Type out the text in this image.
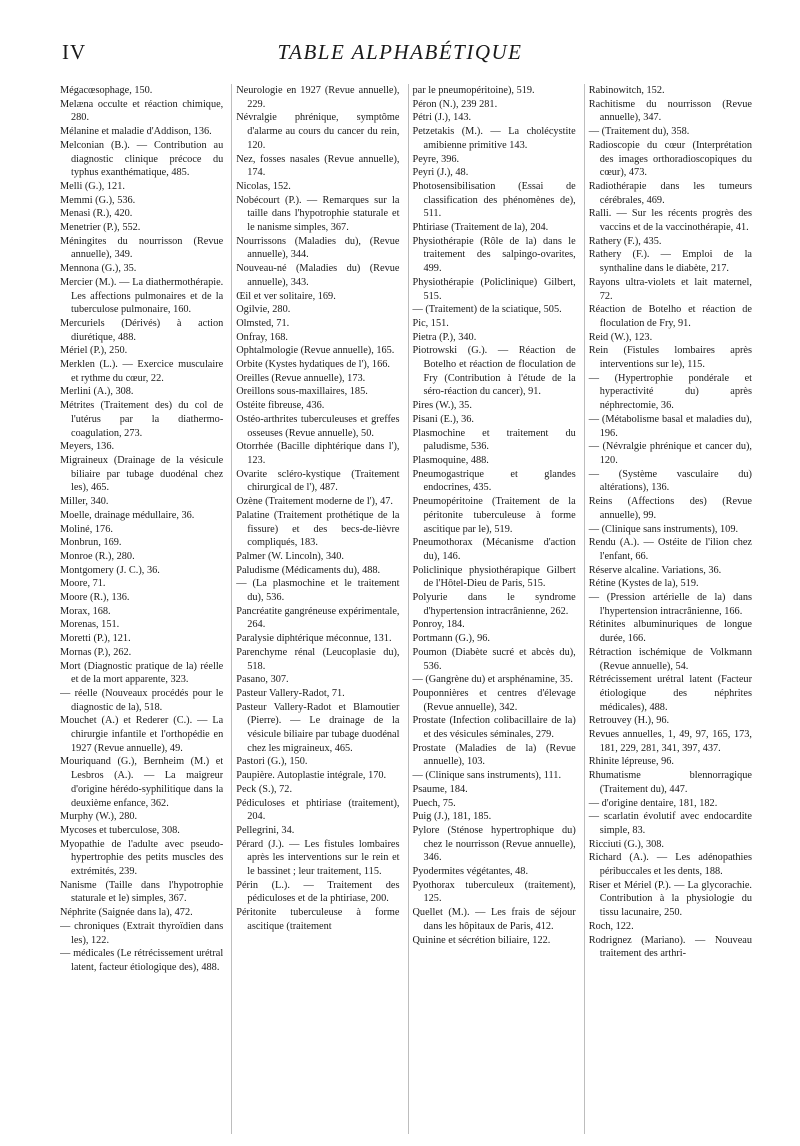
IV	TABLE ALPHABÉTIQUE

Mégacœsophage, 150.

Melæna occulte et réaction chimique, 280.

Mélanine et maladie d'Addison, 136.

Melconian (B.). — Contribution au diagnostic clinique précoce du typhus exanthématique, 485.

Melli (G.), 121.

Memmi (G.), 536.

Menasi (R.), 420.

Menetrier (P.), 552.

Méningites du nourrisson (Revue annuelle), 349.

Mennona (G.), 35.

Mercier (M.). — La diathermothérapie. Les affections pulmonaires et de la tuberculose pulmonaire, 160.

Mercuriels (Dérivés) à action diurétique, 488.

Mériel (P.), 250.

Merklen (L.). — Exercice musculaire et rythme du cœur, 22.

Merlini (A.), 308.

Métrites (Traitement des) du col de l'utérus par la diathermo-coagulation, 273.

Meyers, 136.

Migraineux (Drainage de la vésicule biliaire par tubage duodénal chez les), 465.

Miller, 340.

Moelle, drainage médullaire, 36.

Moliné, 176.

Monbrun, 169.

Monroe (R.), 280.

Montgomery (J. C.), 36.

Moore, 71.

Moore (R.), 136.

Morax, 168.

Morenas, 151.

Moretti (P.), 121.

Mornas (P.), 262.

Mort (Diagnostic pratique de la) réelle et de la mort apparente, 323.

— réelle (Nouveaux procédés pour le diagnostic de la), 518.

Mouchet (A.) et Rederer (C.). — La chirurgie infantile et l'orthopédie en 1927 (Revue annuelle), 49.

Mouriquand (G.), Bernheim (M.) et Lesbros (A.). — La maigreur d'origine hérédo-syphilitique dans la deuxième enfance, 362.

Murphy (W.), 280.

Mycoses et tuberculose, 308.

Myopathie de l'adulte avec pseudo-hypertrophie des petits muscles des extrémités, 239.

Nanisme (Taille dans l'hypotrophie staturale et le) simples, 367.

Néphrite (Saignée dans la), 472.

— chroniques (Extrait thyroïdien dans les), 122.

— médicales (Le rétrécissement urétral latent, facteur étiologique des), 488.

Neurologie en 1927 (Revue annuelle), 229.

Névralgie phrénique, symptôme d'alarme au cours du cancer du rein, 120.

Nez, fosses nasales (Revue annuelle), 174.

Nicolas, 152.

Nobécourt (P.). — Remarques sur la taille dans l'hypotrophie staturale et le nanisme simples, 367.

Nourrissons (Maladies du), (Revue annuelle), 344.

Nouveau-né (Maladies du) (Revue annuelle), 343.

Œil et ver solitaire, 169.

Ogilvie, 280.

Olmsted, 71.

Onfray, 168.

Ophtalmologie (Revue annuelle), 165.

Orbite (Kystes hydatiques de l'), 166.

Oreilles (Revue annuelle), 173.

Oreillons sous-maxillaires, 185.

Ostéite fibreuse, 436.

Ostéo-arthrites tuberculeuses et greffes osseuses (Revue annuelle), 50.

Otorrhée (Bacille diphtérique dans l'), 123.

Ovarite scléro-kystique (Traitement chirurgical de l'), 487.

Ozène (Traitement moderne de l'), 47.

Palatine (Traitement prothétique de la fissure) et des becs-de-lièvre compliqués, 183.

Palmer (W. Lincoln), 340.

Paludisme (Médicaments du), 488.

— (La plasmochine et le traitement du), 536.

Pancréatite gangréneuse expérimentale, 264.

Paralysie diphtérique méconnue, 131.

Parenchyme rénal (Leucoplasie du), 518.

Pasano, 307.

Pasteur Vallery-Radot, 71.

Pasteur Vallery-Radot et Blamoutier (Pierre). — Le drainage de la vésicule biliaire par tubage duodénal chez les migraineux, 465.

Pastori (G.), 150.

Paupière. Autoplastie intégrale, 170.

Peck (S.), 72.

Pédiculoses et phtiriase (traitement), 204.

Pellegrini, 34.

Pérard (J.). — Les fistules lombaires après les interventions sur le rein et le bassinet ; leur traitement, 115.

Périn (L.). — Traitement des pédiculoses et de la phtiriase, 200.

Péritonite tuberculeuse à forme ascitique (traitement

par le pneumopéritoine), 519.

Péron (N.), 239 281.

Pétri (J.), 143.

Petzetakis (M.). — La cholécystite amibienne primitive 143.

Peyre, 396.

Peyri (J.), 48.

Photosensibilisation (Essai de classification des phénomènes de), 511.

Phtiriase (Traitement de la), 204.

Physiothérapie (Rôle de la) dans le traitement des salpingo-ovarites, 499.

Physiothérapie (Policlinique) Gilbert, 515.

— (Traitement) de la sciatique, 505.

Pic, 151.

Pietra (P.), 340.

Piotrowski (G.). — Réaction de Botelho et réaction de floculation de Fry (Contribution à l'étude de la séro-réaction du cancer), 91.

Pires (W.), 35.

Pisani (E.), 36.

Plasmochine et traitement du paludisme, 536.

Plasmoquine, 488.

Pneumogastrique et glandes endocrines, 435.

Pneumopéritoine (Traitement de la péritonite tuberculeuse à forme ascitique par le), 519.

Pneumothorax (Mécanisme d'action du), 146.

Policlinique physiothérapique Gilbert de l'Hôtel-Dieu de Paris, 515.

Polyurie dans le syndrome d'hypertension intracrânienne, 262.

Ponroy, 184.

Portmann (G.), 96.

Poumon (Diabète sucré et abcès du), 536.

— (Gangrène du) et arsphénamine, 35.

Pouponnières et centres d'élevage (Revue annuelle), 342.

Prostate (Infection colibacillaire de la) et des vésicules séminales, 279.

Prostate (Maladies de la) (Revue annuelle), 103.

— (Clinique sans instruments), 111.

Psaume, 184.

Puech, 75.

Puig (J.), 181, 185.

Pylore (Sténose hypertrophique du) chez le nourrisson (Revue annuelle), 346.

Pyodermites végétantes, 48.

Pyothorax tuberculeux (traitement), 125.

Quellet (M.). — Les frais de séjour dans les hôpitaux de Paris, 412.

Quinine et sécrétion biliaire, 122.

Rabinowitch, 152.

Rachitisme du nourrisson (Revue annuelle), 347.

— (Traitement du), 358.

Radioscopie du cœur (Interprétation des images orthoradioscopiques du cœur), 473.

Radiothérapie dans les tumeurs cérébrales, 469.

Ralli. — Sur les récents progrès des vaccins et de la vaccinothérapie, 41.

Rathery (F.), 435.

Rathery (F.). — Emploi de la synthaline dans le diabète, 217.

Rayons ultra-violets et lait maternel, 72.

Réaction de Botelho et réaction de floculation de Fry, 91.

Reid (W.), 123.

Rein (Fistules lombaires après interventions sur le), 115.

— (Hypertrophie pondérale et hyperactivité du) après néphrectomie, 36.

— (Métabolisme basal et maladies du), 196.

— (Névralgie phrénique et cancer du), 120.

— (Système vasculaire du) altérations), 136.

Reins (Affections des) (Revue annuelle), 99.

— (Clinique sans instruments), 109.

Rendu (A.). — Ostéite de l'ilion chez l'enfant, 66.

Réserve alcaline. Variations, 36.

Rétine (Kystes de la), 519.

— (Pression artérielle de la) dans l'hypertension intracrânienne, 166.

Rétinites albuminuriques de longue durée, 166.

Rétraction ischémique de Volkmann (Revue annuelle), 54.

Rétrécissement urétral latent (Facteur étiologique des néphrites médicales), 488.

Retrouvey (H.), 96.

Revues annuelles, 1, 49, 97, 165, 173, 181, 229, 281, 341, 397, 437.

Rhinite lépreuse, 96.

Rhumatisme blennorragique (Traitement du), 447.

— d'origine dentaire, 181, 182.

— scarlatin évolutif avec endocardite simple, 83.

Ricciuti (G.), 308.

Richard (A.). — Les adénopathies péribuccales et les dents, 188.

Riser et Mériel (P.). — La glycorachie. Contribution à la physiologie du tissu lacunaire, 250.

Roch, 122.

Rodrignez (Mariano). — Nouveau traitement des arthri-
